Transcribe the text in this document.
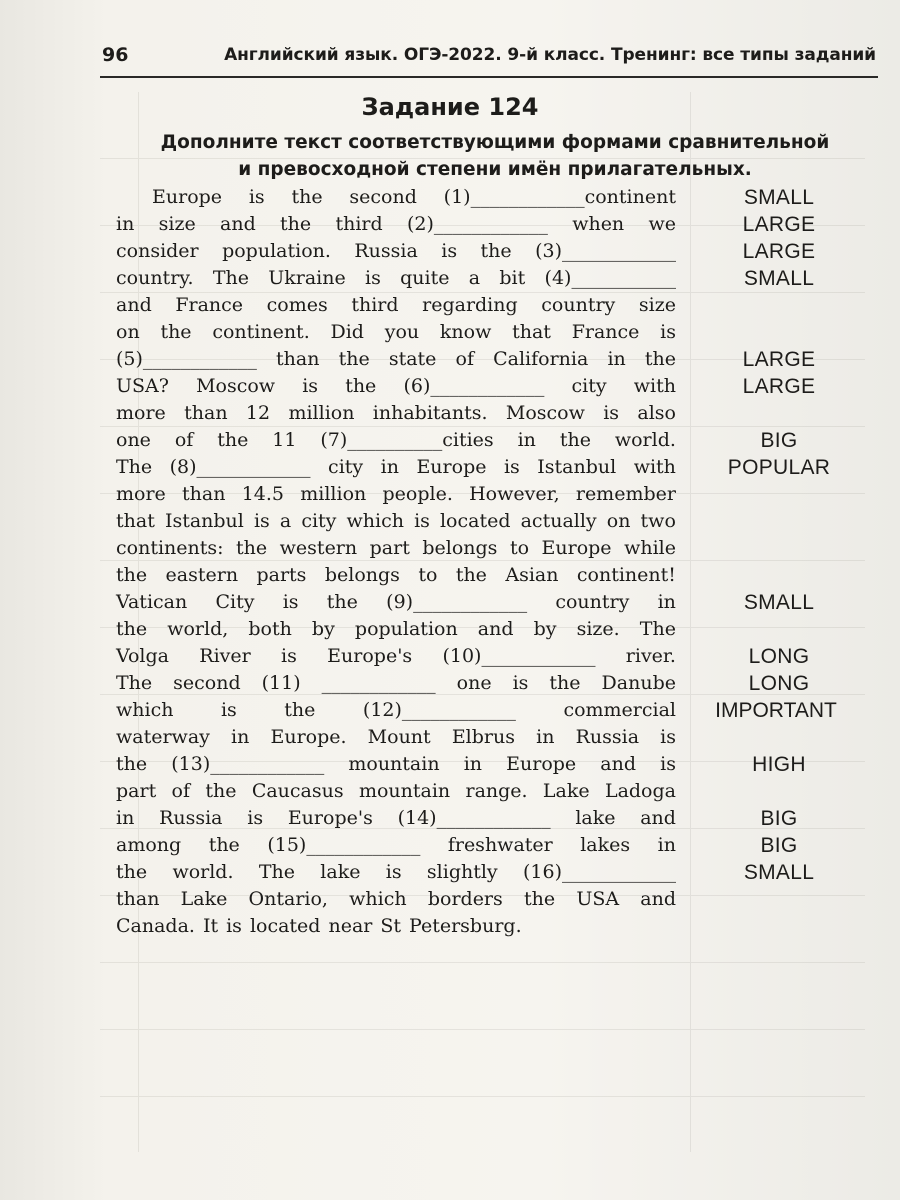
96	Английский язык. ОГЭ-2022. 9-й класс. Тренинг: все типы заданий
Задание 124
Дополните текст соответствующими формами сравнительной
и превосходной степени имён прилагательных.
Europe is the second (1)____________continent
in size and the third (2)____________ when we
consider population. Russia is the (3)____________
country. The Ukraine is quite a bit (4)___________
and France comes third regarding country size
on the continent. Did you know that France is
(5)____________ than the state of California in the
USA? Moscow is the (6)____________ city with
more than 12 million inhabitants. Moscow is also
one of the 11 (7)__________cities in the world.
The (8)____________ city in Europe is Istanbul with
more than 14.5 million people. However, remember
that Istanbul is a city which is located actually on two
continents: the western part belongs to Europe while
the eastern parts belongs to the Asian continent!
Vatican City is the (9)____________ country in
the world, both by population and by size. The
Volga River is Europe's (10)____________ river.
The second (11) ____________ one is the Danube
which	is	the	(12)____________	commercial
waterway in Europe. Mount Elbrus in Russia is
the (13)____________ mountain in Europe and is
part of the Caucasus mountain range. Lake Ladoga
in Russia is Europe's (14)____________ lake and
among the (15)____________ freshwater lakes in
the world. The lake is slightly (16)____________
than Lake Ontario, which borders the USA and
Canada. It is located near St Petersburg.
SMALL
LARGE
LARGE
SMALL
LARGE
LARGE
BIG
POPULAR
SMALL
LONG
LONG
IMPORTANT
HIGH
BIG
BIG
SMALL
